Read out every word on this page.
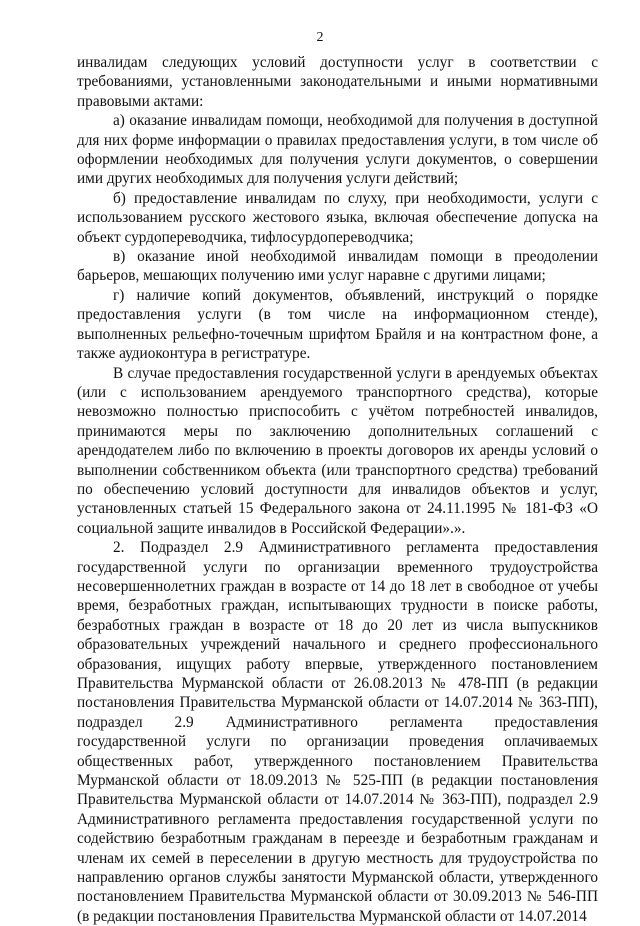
2

инвалидам следующих условий доступности услуг в соответствии с требованиями, установленными законодательными и иными нормативными правовыми актами:

а) оказание инвалидам помощи, необходимой для получения в доступной для них форме информации о правилах предоставления услуги, в том числе об оформлении необходимых для получения услуги документов, о совершении ими других необходимых для получения услуги действий;

б) предоставление инвалидам по слуху, при необходимости, услуги с использованием русского жестового языка, включая обеспечение допуска на объект сурдопереводчика, тифлосурдопереводчика;

в) оказание иной необходимой инвалидам помощи в преодолении барьеров, мешающих получению ими услуг наравне с другими лицами;

г) наличие копий документов, объявлений, инструкций о порядке предоставления услуги (в том числе на информационном стенде), выполненных рельефно-точечным шрифтом Брайля и на контрастном фоне, а также аудиоконтура в регистратуре.

В случае предоставления государственной услуги в арендуемых объектах (или с использованием арендуемого транспортного средства), которые невозможно полностью приспособить с учётом потребностей инвалидов, принимаются меры по заключению дополнительных соглашений с арендодателем либо по включению в проекты договоров их аренды условий о выполнении собственником объекта (или транспортного средства) требований по обеспечению условий доступности для инвалидов объектов и услуг, установленных статьей 15 Федерального закона от 24.11.1995 № 181-ФЗ «О социальной защите инвалидов в Российской Федерации».».

2. Подраздел 2.9 Административного регламента предоставления государственной услуги по организации временного трудоустройства несовершеннолетних граждан в возрасте от 14 до 18 лет в свободное от учебы время, безработных граждан, испытывающих трудности в поиске работы, безработных граждан в возрасте от 18 до 20 лет из числа выпускников образовательных учреждений начального и среднего профессионального образования, ищущих работу впервые, утвержденного постановлением Правительства Мурманской области от 26.08.2013 № 478-ПП (в редакции постановления Правительства Мурманской области от 14.07.2014 № 363-ПП), подраздел 2.9 Административного регламента предоставления государственной услуги по организации проведения оплачиваемых общественных работ, утвержденного постановлением Правительства Мурманской области от 18.09.2013 № 525-ПП (в редакции постановления Правительства Мурманской области от 14.07.2014 № 363-ПП), подраздел 2.9 Административного регламента предоставления государственной услуги по содействию безработным гражданам в переезде и безработным гражданам и членам их семей в переселении в другую местность для трудоустройства по направлению органов службы занятости Мурманской области, утвержденного постановлением Правительства Мурманской области от 30.09.2013 № 546-ПП (в редакции постановления Правительства Мурманской области от 14.07.2014
